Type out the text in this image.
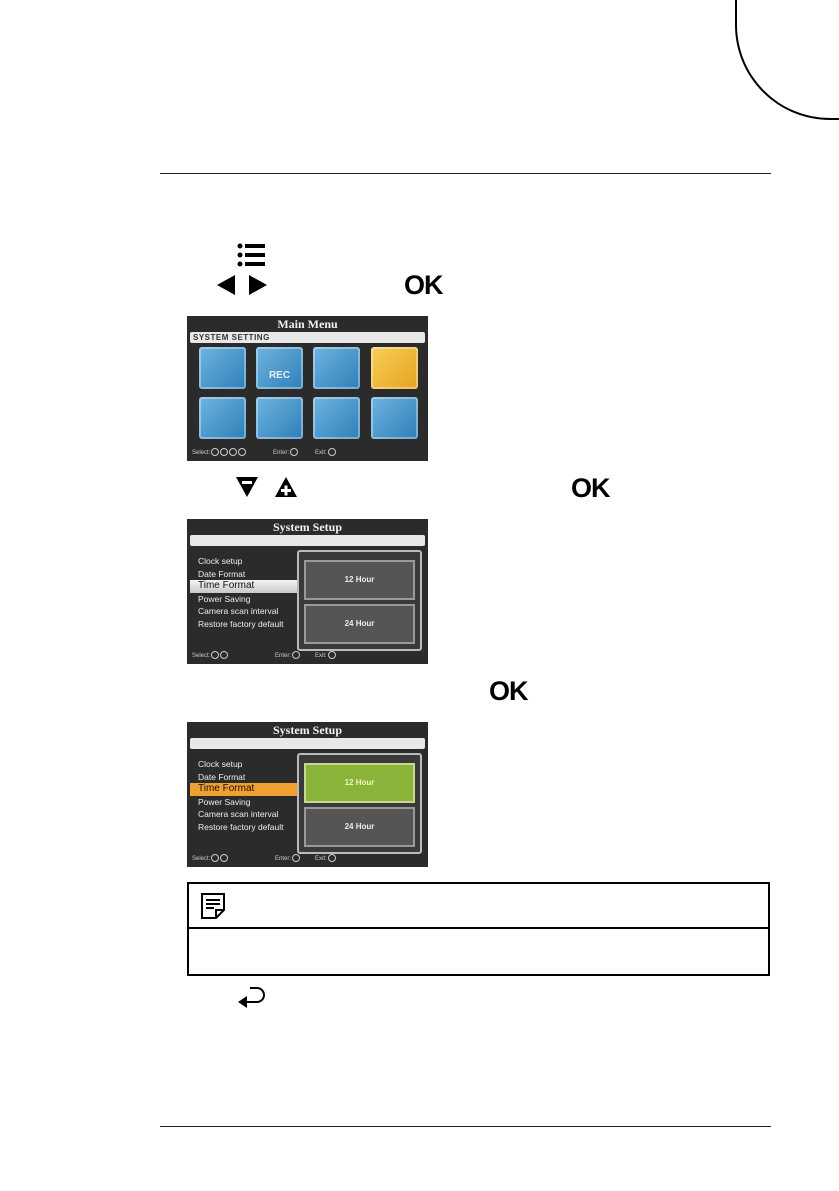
OK
Main Menu
SYSTEM SETTING
REC
Select:	Enter:	Exit:
OK
System Setup
Clock setup
Date Format
Time Format
Power Saving
Camera scan interval
Restore factory default
12 Hour
24 Hour
Select:	Enter:	Exit:
OK
System Setup
Clock setup
Date Format
Time Format
Power Saving
Camera scan interval
Restore factory default
12 Hour
24 Hour
Select:	Enter:	Exit:
